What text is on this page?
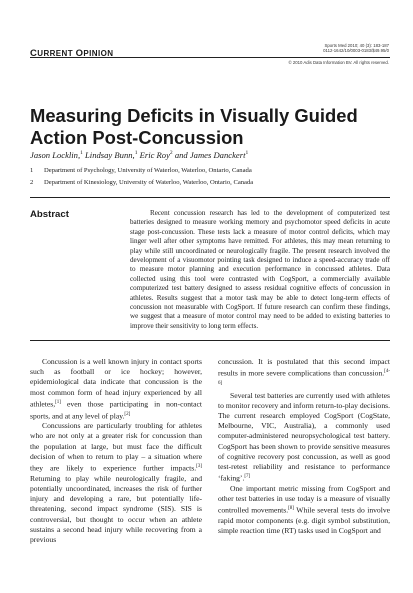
CURRENT OPINION
Sports Med 2010; 40 (3): 183-187
0112-1642/10/0003-0183/$49.95/0
© 2010 Adis Data Information BV. All rights reserved.
Measuring Deficits in Visually Guided Action Post-Concussion
Jason Locklin,$^1$ Lindsay Bunn,$^1$ Eric Roy$^2$ and James Danckert$^1$
1 Department of Psychology, University of Waterloo, Waterloo, Ontario, Canada
2 Department of Kinesiology, University of Waterloo, Waterloo, Ontario, Canada
Abstract	Recent concussion research has led to the development of computerized test batteries designed to measure working memory and psychomotor speed deficits in acute stage post-concussion. These tests lack a measure of motor control deficits, which may linger well after other symptoms have remitted. For athletes, this may mean returning to play while still uncoordinated or neurologically fragile. The present research involved the development of a visuomotor pointing task designed to induce a speed-accuracy trade off to measure motor planning and execution performance in concussed athletes. Data collected using this tool were contrasted with CogSport, a commercially available computerized test battery designed to assess residual cognitive effects of concussion in athletes. Results suggest that a motor task may be able to detect long-term effects of concussion not measurable with CogSport. If future research can confirm these findings, we suggest that a measure of motor control may need to be added to existing batteries to improve their sensitivity to long term effects.

Concussion is a well known injury in contact sports such as football or ice hockey; however, epidemiological data indicate that concussion is the most common form of head injury experienced by all athletes,[1] even those participating in non-contact sports, and at any level of play.[2]

Concussions are particularly troubling for athletes who are not only at a greater risk for concussion than the population at large, but must face the difficult decision of when to return to play – a situation where they are likely to experience further impacts.[3] Returning to play while neurologically fragile, and potentially uncoordinated, increases the risk of further injury and developing a rare, but potentially life-threatening, second impact syndrome (SIS). SIS is controversial, but thought to occur when an athlete sustains a second head injury while recovering from a previous

concussion. It is postulated that this second impact results in more severe complications than concussion.[4-6]

Several test batteries are currently used with athletes to monitor recovery and inform return-to-play decisions. The current research employed CogSport (CogState, Melbourne, VIC, Australia), a commonly used computer-administered neuropsychological test battery. CogSport has been shown to provide sensitive measures of cognitive recovery post concussion, as well as good test-retest reliability and resistance to performance ‘faking’.[7]

One important metric missing from CogSport and other test batteries in use today is a measure of visually controlled movements.[8] While several tests do involve rapid motor components (e.g. digit symbol substitution, simple reaction time (RT) tasks used in CogSport and
